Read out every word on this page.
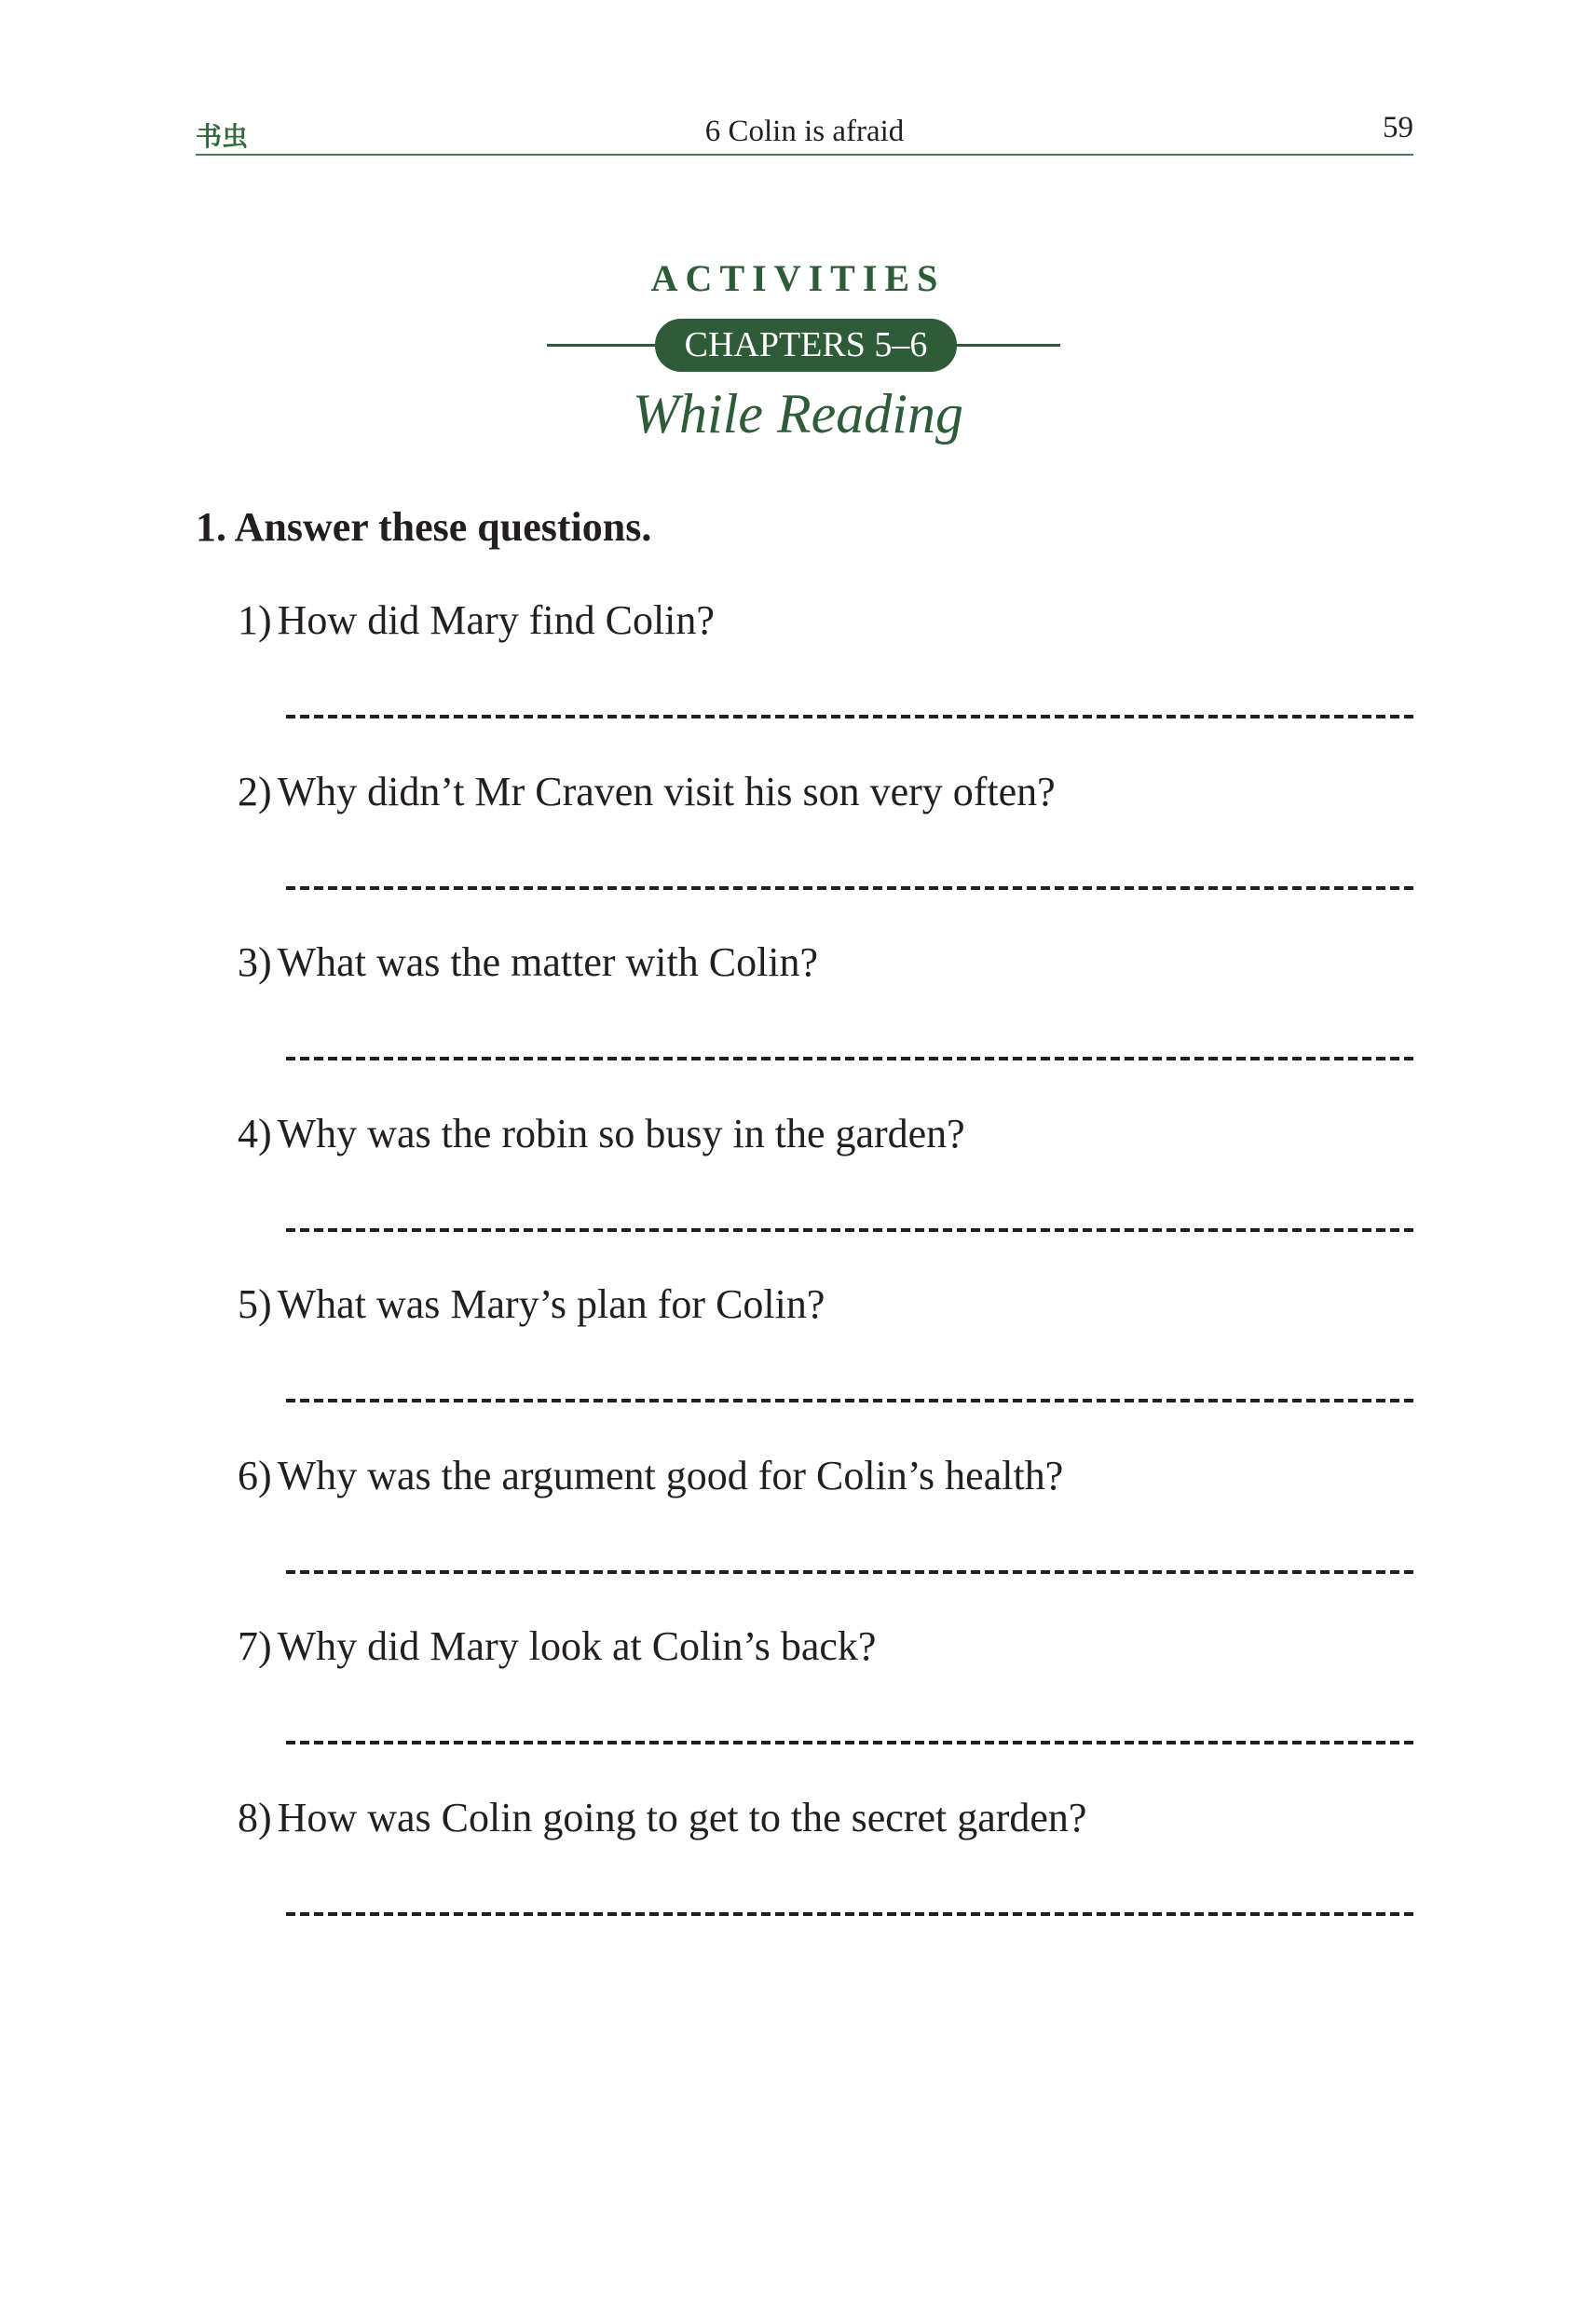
书虫	6 Colin is afraid	59
ACTIVITIES
CHAPTERS 5–6
While Reading
1. Answer these questions.
1) How did Mary find Colin?
2) Why didn’t Mr Craven visit his son very often?
3) What was the matter with Colin?
4) Why was the robin so busy in the garden?
5) What was Mary’s plan for Colin?
6) Why was the argument good for Colin’s health?
7) Why did Mary look at Colin’s back?
8) How was Colin going to get to the secret garden?
